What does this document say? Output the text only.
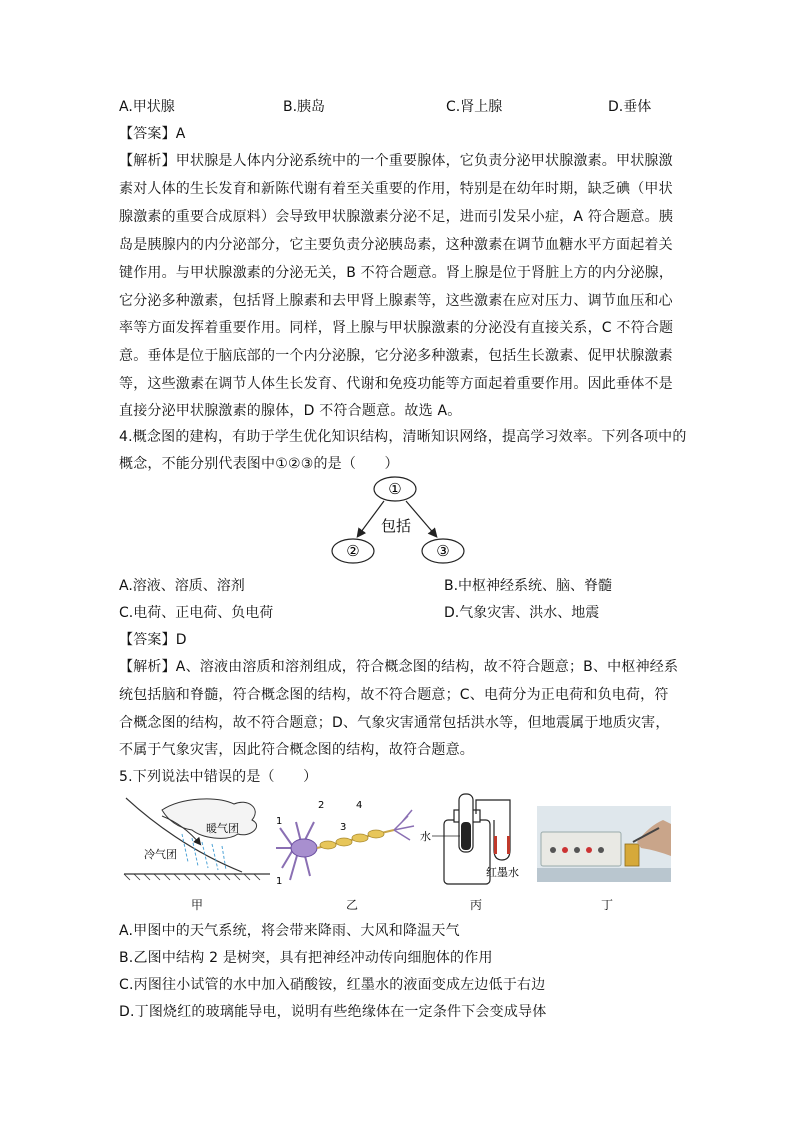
A.甲状腺	B.胰岛	C.肾上腺	D.垂体
【答案】A
【解析】甲状腺是人体内分泌系统中的一个重要腺体，它负责分泌甲状腺激素。甲状腺激
素对人体的生长发育和新陈代谢有着至关重要的作用，特别是在幼年时期，缺乏碘（甲状
腺激素的重要合成原料）会导致甲状腺激素分泌不足，进而引发呆小症，A 符合题意。胰
岛是胰腺内的内分泌部分，它主要负责分泌胰岛素，这种激素在调节血糖水平方面起着关
键作用。与甲状腺激素的分泌无关，B 不符合题意。肾上腺是位于肾脏上方的内分泌腺，
它分泌多种激素，包括肾上腺素和去甲肾上腺素等，这些激素在应对压力、调节血压和心
率等方面发挥着重要作用。同样，肾上腺与甲状腺激素的分泌没有直接关系，C 不符合题
意。垂体是位于脑底部的一个内分泌腺，它分泌多种激素，包括生长激素、促甲状腺激素
等，这些激素在调节人体生长发育、代谢和免疫功能等方面起着重要作用。因此垂体不是
直接分泌甲状腺激素的腺体，D 不符合题意。故选 A。
4.概念图的建构，有助于学生优化知识结构，清晰知识网络，提高学习效率。下列各项中的
概念，不能分别代表图中①②③的是（　　）
①
②	③
包括
A.溶液、溶质、溶剂	B.中枢神经系统、脑、脊髓
C.电荷、正电荷、负电荷	D.气象灾害、洪水、地震
【答案】D
【解析】A、溶液由溶质和溶剂组成，符合概念图的结构，故不符合题意；B、中枢神经系
统包括脑和脊髓，符合概念图的结构，故不符合题意；C、电荷分为正电荷和负电荷，符
合概念图的结构，故不符合题意；D、气象灾害通常包括洪水等，但地震属于地质灾害，
不属于气象灾害，因此符合概念图的结构，故符合题意。
5.下列说法中错误的是（　　）
暖气团
冷气团
甲
1
2
3
4
1
乙
水
红墨水
丙	丁
A.甲图中的天气系统，将会带来降雨、大风和降温天气
B.乙图中结构 2 是树突，具有把神经冲动传向细胞体的作用
C.丙图往小试管的水中加入硝酸铵，红墨水的液面变成左边低于右边
D.丁图烧红的玻璃能导电，说明有些绝缘体在一定条件下会变成导体
